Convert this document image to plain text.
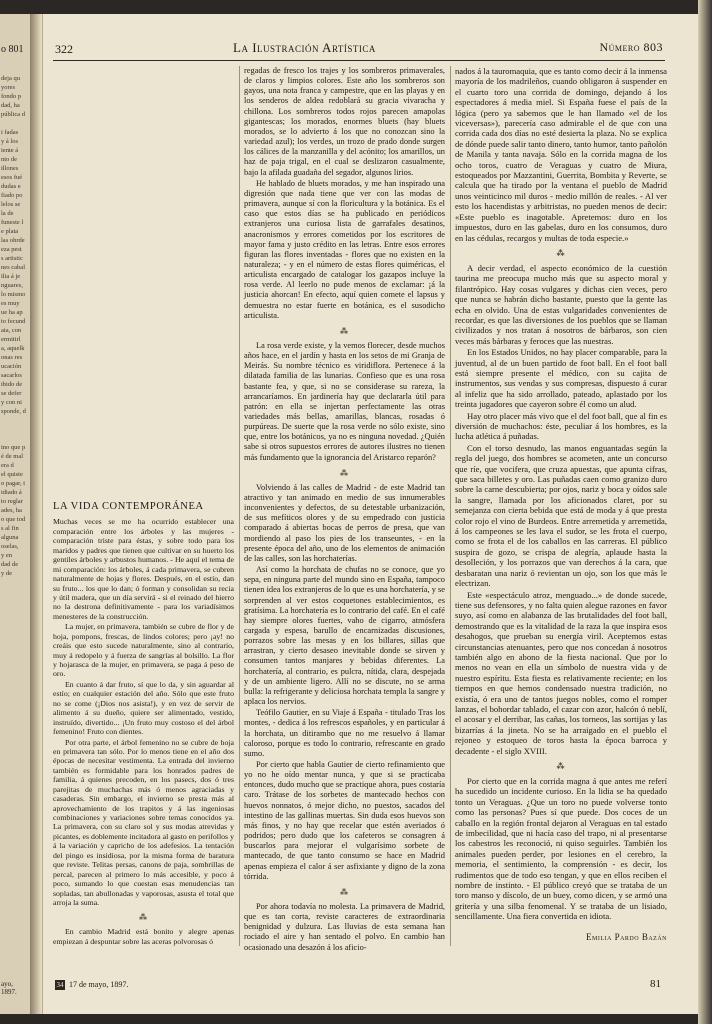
o 801
deja qu
yores
fondo p
dad, ha
pública d

i fadas
y á los
iente á
nto de
illones
esos fué
dudas e
fiado po
lelos se
la de
funeste l
e plata
las ohrde
eza pest
s artistic
nes cabal
ilia á je
nguares,
lo mismo
es muy
ue ha ap
to fecund
ata, con
ermitirl
a, aquelk
onas res
ucación
sacarlos
ibido de
se defer
y con ni
sponde, d

ino que p
é de mal
era d
el quiste
o pagar, t
idiado á
to reglar
ades, ha
o que tod
s al fin
alguna
oselas,
y en
dad de
y de
ayo, 1897.
322	La Ilustración Artística	Número 803
LA VIDA CONTEMPORÁNEA

Muchas veces se me ha ocurrido establecer una comparación entre los árboles y las mujeres - comparación triste para éstas, y sobre todo para los maridos y padres que tienen que cultivar en su huerto los gentiles árboles y arbustos humanos. - He aquí el tema de mi comparación: los árboles, á cada primavera, se cubren naturalmente de hojas y flores. Después, en el estío, dan su fruto... los que lo dan; ó forman y consolidan su recia y útil madera, que un día servirá - si el reinado del hierro no la destrona definitivamente - para los variadísimos menesteres de la construcción.

La mujer, en primavera, también se cubre de flor y de hoja, pompons, frescas, de lindos colores; pero ¡ay! no creáis que esto sucede naturalmente, sino al contrario, muy á redopelo y á fuerza de sangrías al bolsillo. La flor y hojarasca de la mujer, en primavera, se paga á peso de oro.

En cuanto á dar fruto, sí que lo da, y sin aguardar al estío; en cualquier estación del año. Sólo que este fruto no se come (¡Dios nos asista!), y en vez de servir de alimento á su dueño, quiere ser alimentado, vestido, instruído, divertido... ¡Un fruto muy costoso el del árbol femenino! Fruto con dientes.

Por otra parte, el árbol femenino no se cubre de hoja en primavera tan sólo. Por lo menos tiene en el año dos épocas de necesitar vestimenta. La entrada del invierno también es formidable para los honrados padres de familia, á quienes precoden, en los pasecs, dos ó tres parejitas de muchachas más ó menos agraciadas y casaderas. Sin embargo, el invierno se presta más al aprovechamiento de los trapitos y á las ingeniosas combinaciones y variaciones sobre temas conocidos ya. La primavera, con su claro sol y sus modas atrevidas y picantes, es doblemente incitadora al gasto en perifollos y á la variación y capricho de los adefesios. La tentación del pingo es insidiosa, por la misma forma de baratura que reviste. Telitas persas, canons de paja, sombrillas de percal, parecen al primero lo más accesible, y poco á poco, sumando lo que cuestan esas menudencias tan sopladas, tan abullonadas y vaporosas, asusta el total que arroja la suma.

⁂

En cambio Madrid está bonito y alegre apenas empiezan á despuntar sobre las aceras polvorosas ó

regadas de fresco los trajes y los sombreros primaverales, de claros y limpios colores. Este año los sombreros son gayos, una nota franca y campestre, que en las playas y en los senderos de aldea redoblará su gracia vivaracha y chillona. Los sombreros todos rojos parecen amapolas gigantescas; los morados, enormes bluets (hay bluets morados, se lo advierto á los que no conozcan sino la variedad azul); los verdes, un trozo de prado donde surgen los cálices de la manzanilla y del acónito; los amarillos, un haz de paja trigal, en el cual se deslizaron casualmente, bajo la afilada guadaña del segador, algunos lirios.

He hablado de bluets morados, y me han inspirado una digresión que nada tiene que ver con las modas de primavera, aunque sí con la floricultura y la botánica. Es el caso que estos días se ha publicado en periódicos extranjeros una curiosa lista de garrafales desatinos, anacronismos y errores cometidos por los escritores de mayor fama y justo crédito en las letras. Entre esos errores figuran las flores inventadas - flores que no existen en la naturaleza; - y en el número de estas flores quiméricas, el articulista encargado de catalogar los gazapos incluye la rosa verde. Al leerlo no pude menos de exclamar: ¡á la justicia ahorcan! En efecto, aquí quien comete el lapsus y demuestra no estar fuerte en botánica, es el susodicho articulista.

⁂

La rosa verde existe, y la vemos florecer, desde muchos años hace, en el jardín y hasta en los setos de mi Granja de Meirás. Su nombre técnico es viridiflora. Pertenece á la dilatada familia de las lunarias. Confieso que es una rosa bastante fea, y que, si no se considerase su rareza, la arrancaríamos. En jardinería hay que declararla útil para patrón: en ella se injertan perfectamente las otras variedades más bellas, amarillas, blancas, rosadas ó purpúreas. De suerte que la rosa verde no sólo existe, sino que, entre los botánicos, ya no es ninguna novedad. ¿Quién sabe si otros supuestos errores de autores ilustres no tienen más fundamento que la ignorancia del Aristarco reparón?

⁂

Volviendo á las calles de Madrid - de este Madrid tan atractivo y tan animado en medio de sus innumerables inconvenientes y defectos, de su detestable urbanización, de sus mefíticos olores y de su empedrado con justicia comparado á abiertas bocas de perros de presa, que van mordiendo al paso los pies de los transeuntes, - en la presente época del año, uno de los elementos de animación de las calles, son las horchaterías.

Así como la horchata de chufas no se conoce, que yo sepa, en ninguna parte del mundo sino en España, tampoco tienen idea los extranjeros de lo que es una horchatería, y se sorprenden al ver estos coquetones establecimientos, es gratísima. La horchatería es lo contrario del café. En el café hay siempre olores fuertes, vaho de cigarro, atmósfera cargada y espesa, barullo de encarnizadas discusiones, porrazos sobre las mesas y en los billares, sillas que arrastran, y cierto desaseo inevitable donde se sirven y consumen tantos manjares y bebidas diferentes. La horchatería, al contrario, es pulcra, nítida, clara, despejada y de un ambiente ligero. Allí no se discute, no se arma bulla: la refrigerante y deliciosa horchata templa la sangre y aplaca los nervios.

Teófilo Gautier, en su Viaje á España - titulado Tras los montes, - dedica á los refrescos españoles, y en particular á la horchata, un ditirambo que no me resuelvo á llamar caloroso, porque es todo lo contrario, refrescante en grado sumo.

Por cierto que habla Gautier de cierto refinamiento que yo no he oído mentar nunca, y que si se practicaba entonces, dudo mucho que se practique ahora, pues costaría caro. Trátase de los sorbetes de mantecado hechos con huevos nonnatos, ó mejor dicho, no puestos, sacados del intestino de las gallinas muertas. Sin duda esos huevos son más finos, y no hay que recelar que estén averiados ó podridos; pero dudo que los cafeteros se consagren á buscarlos para mejorar el vulgarísimo sorbete de mantecado, de que tanto consumo se hace en Madrid apenas empieza el calor á ser asfixiante y digno de la zona tórrida.

⁂

Por ahora todavía no molesta. La primavera de Madrid, que es tan corta, reviste caracteres de extraordinaria benignidad y dulzura. Las lluvias de esta semana han rociado el aire y han sentado el polvo. En cambio han ocasionado una desazón á los aficio-

nados á la tauromaquia, que es tanto como decir á la inmensa mayoría de los madrileños, cuando obligaron á suspender en el cuarto toro una corrida de domingo, dejando á los espectadores á media miel. Si España fuese el país de la lógica (pero ya sabemos que le han llamado «el de los viceversas»), parecería caso admirable el de que con una corrida cada dos días no esté desierta la plaza. No se explica de dónde puede salir tanto dinero, tanto humor, tanto pañolón de Manila y tanta navaja. Sólo en la corrida magna de los ocho toros, cuatro de Veraguas y cuatro de Miura, estoqueados por Mazzantini, Guerrita, Bombita y Reverte, se calcula que ha tirado por la ventana el pueblo de Madrid unos veinticinco mil duros - medio millón de reales. - Al ver esto los hacendistas y arbitristas, no pueden menos de decir: «Este pueblo es inagotable. Apretemos: duro en los impuestos, duro en las gabelas, duro en los consumos, duro en las cédulas, recargos y multas de toda especie.»

⁂

A decir verdad, el aspecto económico de la cuestión taurina me preocupa mucho más que su aspecto moral y filantrópico. Hay cosas vulgares y dichas cien veces, pero que nunca se habrán dicho bastante, puesto que la gente las echa en olvido. Una de estas vulgaridades convenientes de recordar, es que las diversiones de los pueblos que se llaman civilizados y nos tratan á nosotros de bárbaros, son cien veces más bárbaras y feroces que las nuestras.

En los Estados Unidos, no hay placer comparable, para la juventud, al de un buen partido de foot ball. En el foot ball está siempre presente el médico, con su cajita de instrumentos, sus vendas y sus compresas, dispuesto á curar al infeliz que ha sido arrollado, pateado, aplastado por los treinta jugadores que cayeron sobre él como un alud.

Hay otro placer más vivo que el del foot ball, que al fin es diversión de muchachos: éste, peculiar á los hombres, es la lucha atlética á puñadas.

Con el torso desnudo, las manos enguantadas según la regla del juego, dos hombres se acometen, ante un concurso que ríe, que vocifera, que cruza apuestas, que apunta cifras, que saca billetes y oro. Las puñadas caen como granizo duro sobre la carne descubierta; por ojos, nariz y boca y oídos sale la sangre, llamada por los aficionados claret, por su semejanza con cierta bebida que está de moda y á que presta color rojo el vino de Burdeos. Entre arremetida y arremetida, á los campeones se les lava el sudor, se les frota el cuerpo, como se frota el de los caballos en las carreras. El público suspira de gozo, se crispa de alegría, aplaude hasta la desolleción, y los porrazos que van derechos á la cara, que desbaratan una nariz ó revientan un ojo, son los que más le electrizan.

Este «espectáculo atroz, menguado...» de donde sucede, tiene sus defensores, y no falta quien alegue razones en favor suyo, así como en alabanza de las brutalidades del foot ball, demostrando que es la vitalidad de la raza la que inspira esos desahogos, que prueban su energía viril. Aceptemos estas circunstancias atenuantes, pero que nos concedan á nosotros también algo en abono de la fiesta nacional. Que por lo menos no vean en ella un símbolo de nuestra vida y de nuestro espíritu. Esta fiesta es relativamente reciente; en los tiempos en que hemos condensado nuestra tradición, no existía, ó era uno de tantos juegos nobles, como el romper lanzas, el bohordar tablado, el cazar con azor, halcón ó neblí, el acosar y el derribar, las cañas, los torneos, las sortijas y las bizarrías á la jineta. No se ha arraigado en el pueblo el rejoneo y estoqueo de toros hasta la época barroca y decadente - el siglo XVIII.

⁂

Por cierto que en la corrida magna á que antes me referí ha sucedido un incidente curioso. En la lidia se ha quedado tonto un Veraguas. ¿Que un toro no puede volverse tonto como las personas? Pues sí que puede. Dos coces de un caballo en la región frontal dejaron al Veraguas en tal estado de imbecilidad, que ni hacía caso del trapo, ni al presentarse los cabestros les reconoció, ni quiso seguirles. También los animales pueden perder, por lesiones en el cerebro, la memoria, el sentimiento, la comprensión - es decir, los rudimentos que de todo eso tengan, y que en ellos reciben el nombre de instinto. - El público creyó que se trataba de un toro manso y díscolo, de un buey, como dicen, y se armó una gritería y una silba fenomenal. Y se trataba de un lisiado, sencillamente. Una fiera convertida en idiota.

Emilia Pardo Bazán
34 17 de mayo, 1897.	81
